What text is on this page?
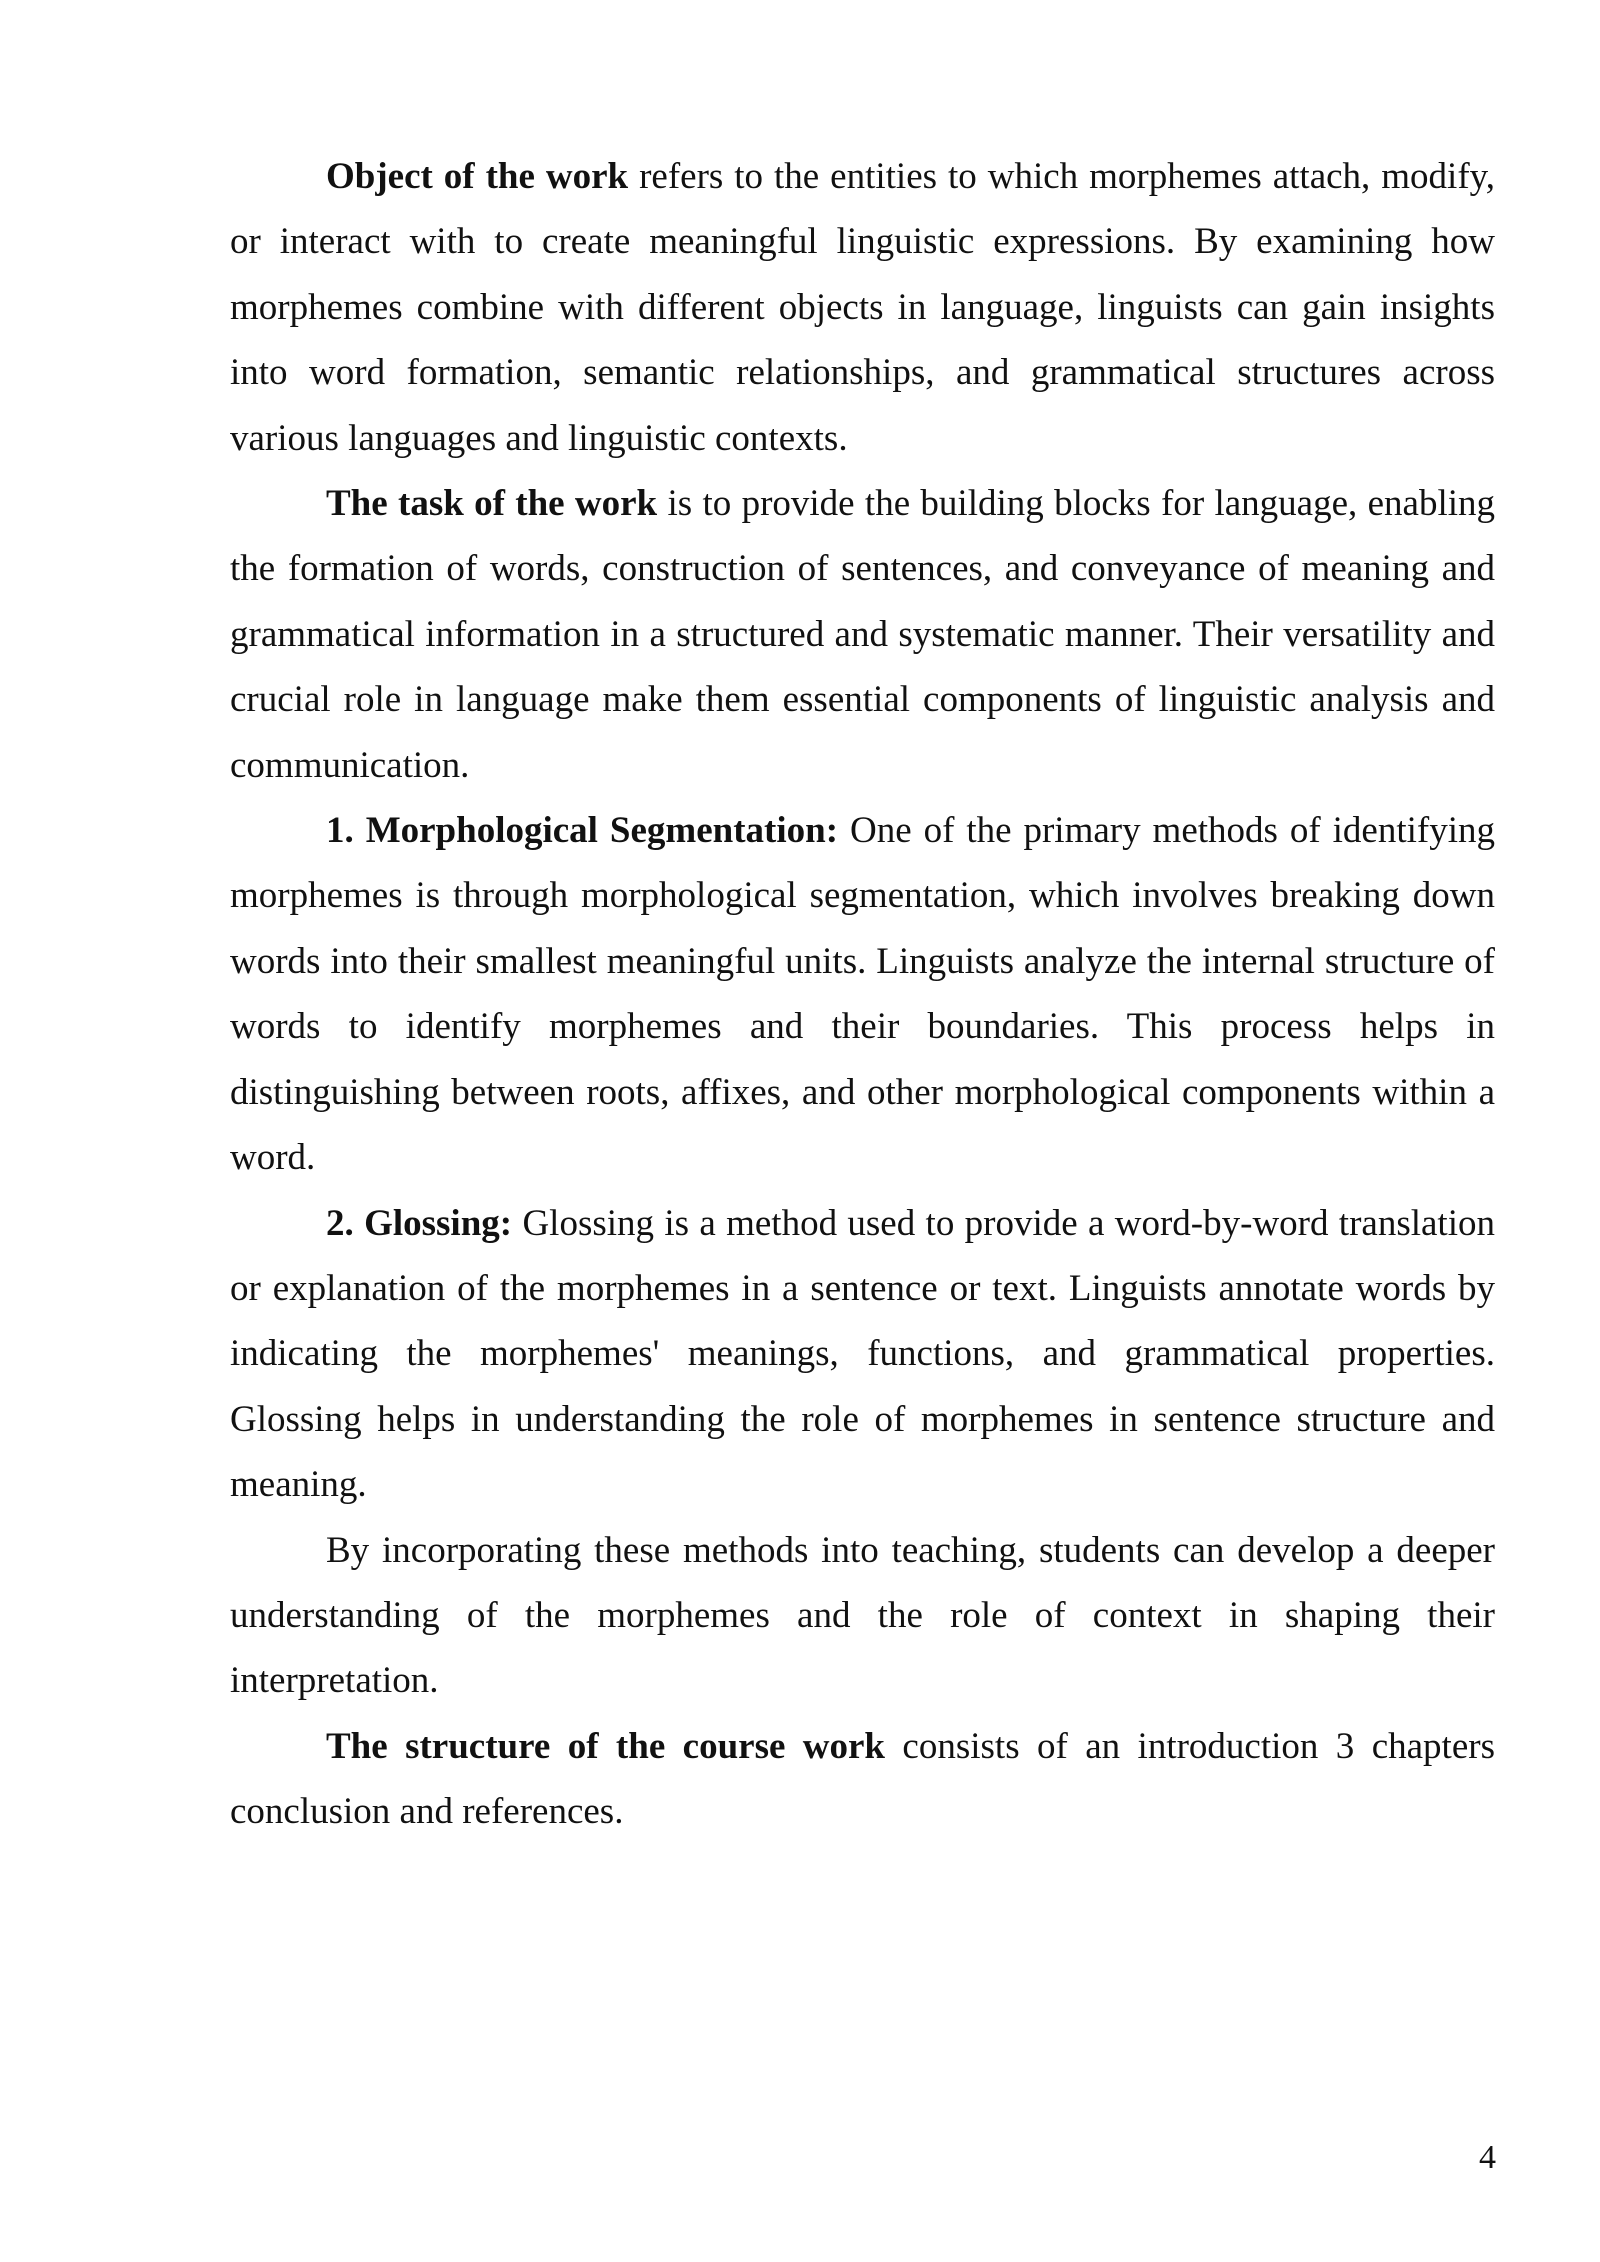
Object of the work refers to the entities to which morphemes attach, modify, or interact with to create meaningful linguistic expressions. By examining how morphemes combine with different objects in language, linguists can gain insights into word formation, semantic relationships, and grammatical structures across various languages and linguistic contexts.

The task of the work is to provide the building blocks for language, enabling the formation of words, construction of sentences, and conveyance of meaning and grammatical information in a structured and systematic manner. Their versatility and crucial role in language make them essential components of linguistic analysis and communication.

1. Morphological Segmentation: One of the primary methods of identifying morphemes is through morphological segmentation, which involves breaking down words into their smallest meaningful units. Linguists analyze the internal structure of words to identify morphemes and their boundaries. This process helps in distinguishing between roots, affixes, and other morphological components within a word.

2. Glossing: Glossing is a method used to provide a word-by-word translation or explanation of the morphemes in a sentence or text. Linguists annotate words by indicating the morphemes' meanings, functions, and grammatical properties. Glossing helps in understanding the role of morphemes in sentence structure and meaning.

By incorporating these methods into teaching, students can develop a deeper understanding of the morphemes and the role of context in shaping their interpretation.

The structure of the course work consists of an introduction 3 chapters conclusion and references.

4
